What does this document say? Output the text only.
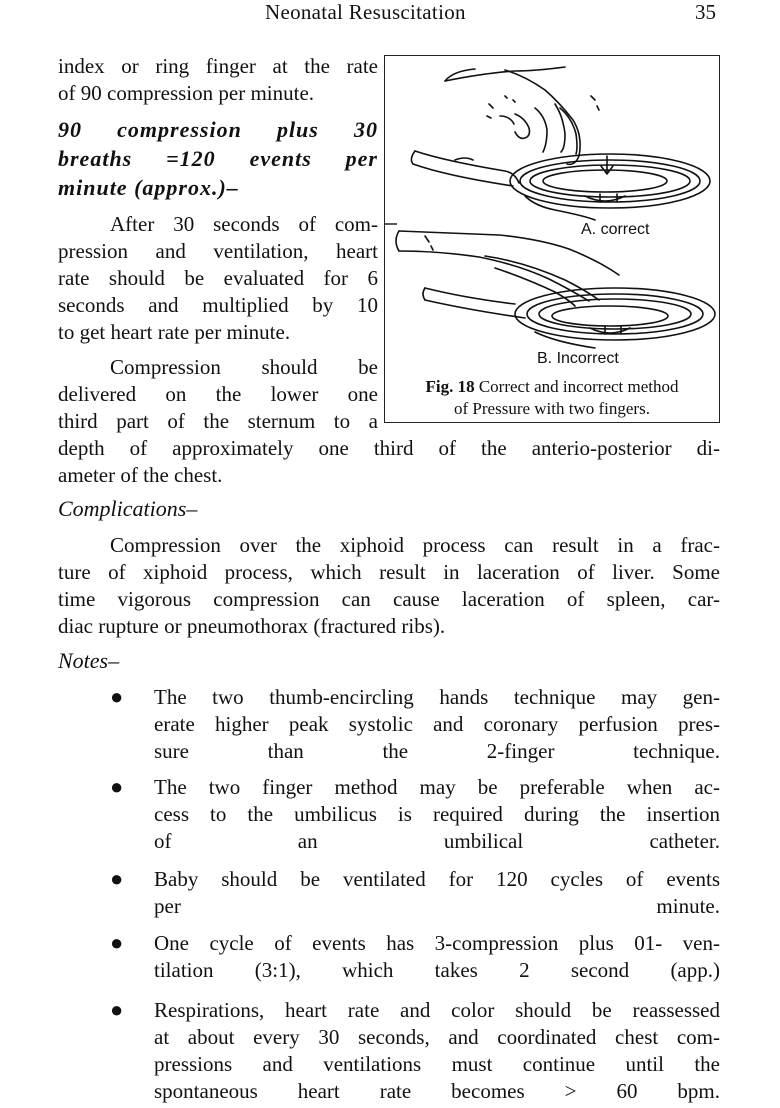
Neonatal Resuscitation	35
index or ring finger at the rate
of 90 compression per minute.
90 compression plus 30
breaths =120 events per
minute (approx.)–
After 30 seconds of com-
pression and ventilation, heart
rate should be evaluated for 6
seconds and multiplied by 10
to get heart rate per minute.
Compression should be
delivered on the lower one
third part of the sternum to a
A. correct
B. Incorrect
Fig. 18 Correct and incorrect method
of Pressure with two fingers.
depth of approximately one third of the anterio-posterior di-
ameter of the chest.
Complications–
Compression over the xiphoid process can result in a frac-
ture of xiphoid process, which result in laceration of liver. Some
time vigorous compression can cause laceration of spleen, car-
diac rupture or pneumothorax (fractured ribs).
Notes–
● The two thumb-encircling hands technique may gen-
erate higher peak systolic and coronary perfusion pres-
sure than the 2-finger technique.
● The two finger method may be preferable when ac-
cess to the umbilicus is required during the insertion
of an umbilical catheter.
● Baby should be ventilated for 120 cycles of events
per minute.
● One cycle of events has 3-compression plus 01- ven-
tilation (3:1), which takes 2 second (app.)
● Respirations, heart rate and color should be reassessed
at about every 30 seconds, and coordinated chest com-
pressions and ventilations must continue until the
spontaneous heart rate becomes > 60 bpm.
